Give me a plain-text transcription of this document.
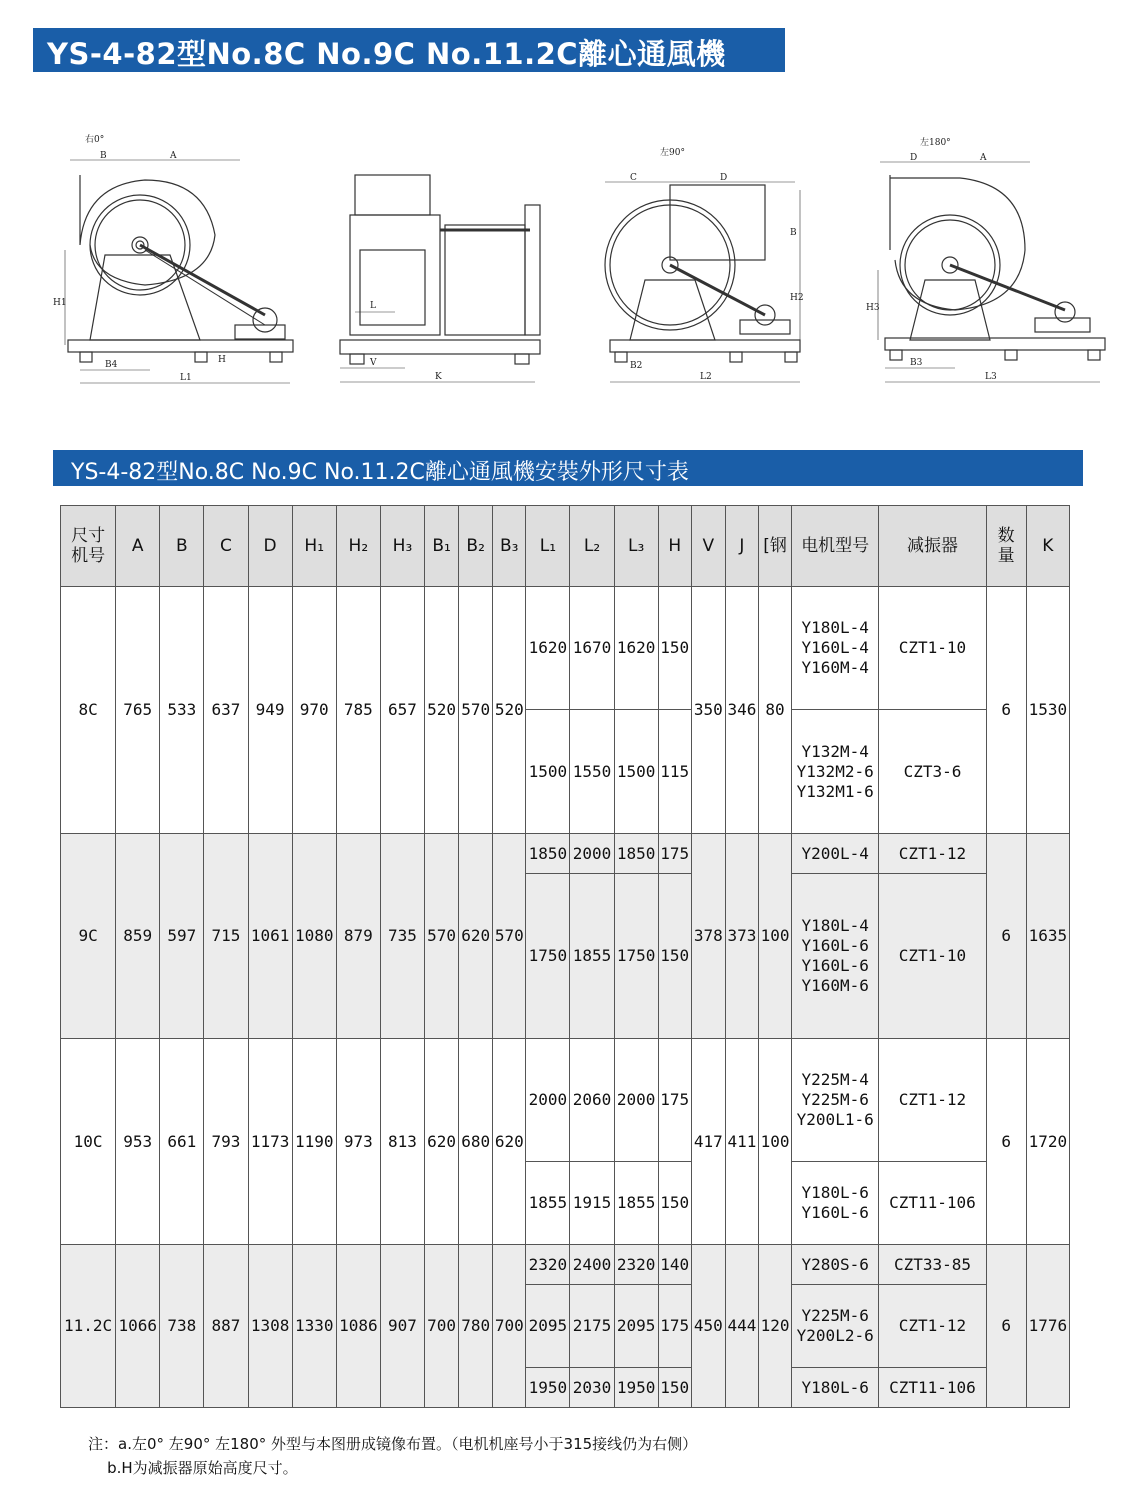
YS-4-82型No.8C No.9C No.11.2C離心通風機
右0°
B	A
H1
H
B4
L1
L
V
K
左90°
C	D
B
H2
B2
L2
左180°
D	A
H3
B3
L3
YS-4-82型No.8C No.9C No.11.2C離心通風機安裝外形尺寸表
尺寸
机号	A	B	C	D	H₁	H₂	H₃	B₁	B₂	B₃	L₁	L₂	L₃	H	V	J	[钢	电机型号	减振器	数
量	K
8C	765	533	637	949	970	785	657	520	570	520	1620	1670	1620	150	350	346	80	Y180L-4
Y160L-4
Y160M-4	CZT1-10	6	1530
											1500	1550	1500	115				Y132M-4
Y132M2-6
Y132M1-6	CZT3-6		
9C	859	597	715	1061	1080	879	735	570	620	570	1850	2000	1850	175	378	373	100	Y200L-4	CZT1-12	6	1635
											1750	1855	1750	150				Y180L-4
Y160L-6
Y160L-6
Y160M-6	CZT1-10		
10C	953	661	793	1173	1190	973	813	620	680	620	2000	2060	2000	175	417	411	100	Y225M-4
Y225M-6
Y200L1-6	CZT1-12	6	1720
											1855	1915	1855	150				Y180L-6
Y160L-6	CZT11-106		
11.2C	1066	738	887	1308	1330	1086	907	700	780	700	2320	2400	2320	140	450	444	120	Y280S-6	CZT33-85	6	1776
											2095	2175	2095	175				Y225M-6
Y200L2-6	CZT1-12		
											1950	2030	1950	150				Y180L-6	CZT11-106		
注：a.左0° 左90° 左180° 外型与本图册成镜像布置。（电机机座号小于315接线仍为右侧）
b.H为减振器原始高度尺寸。
